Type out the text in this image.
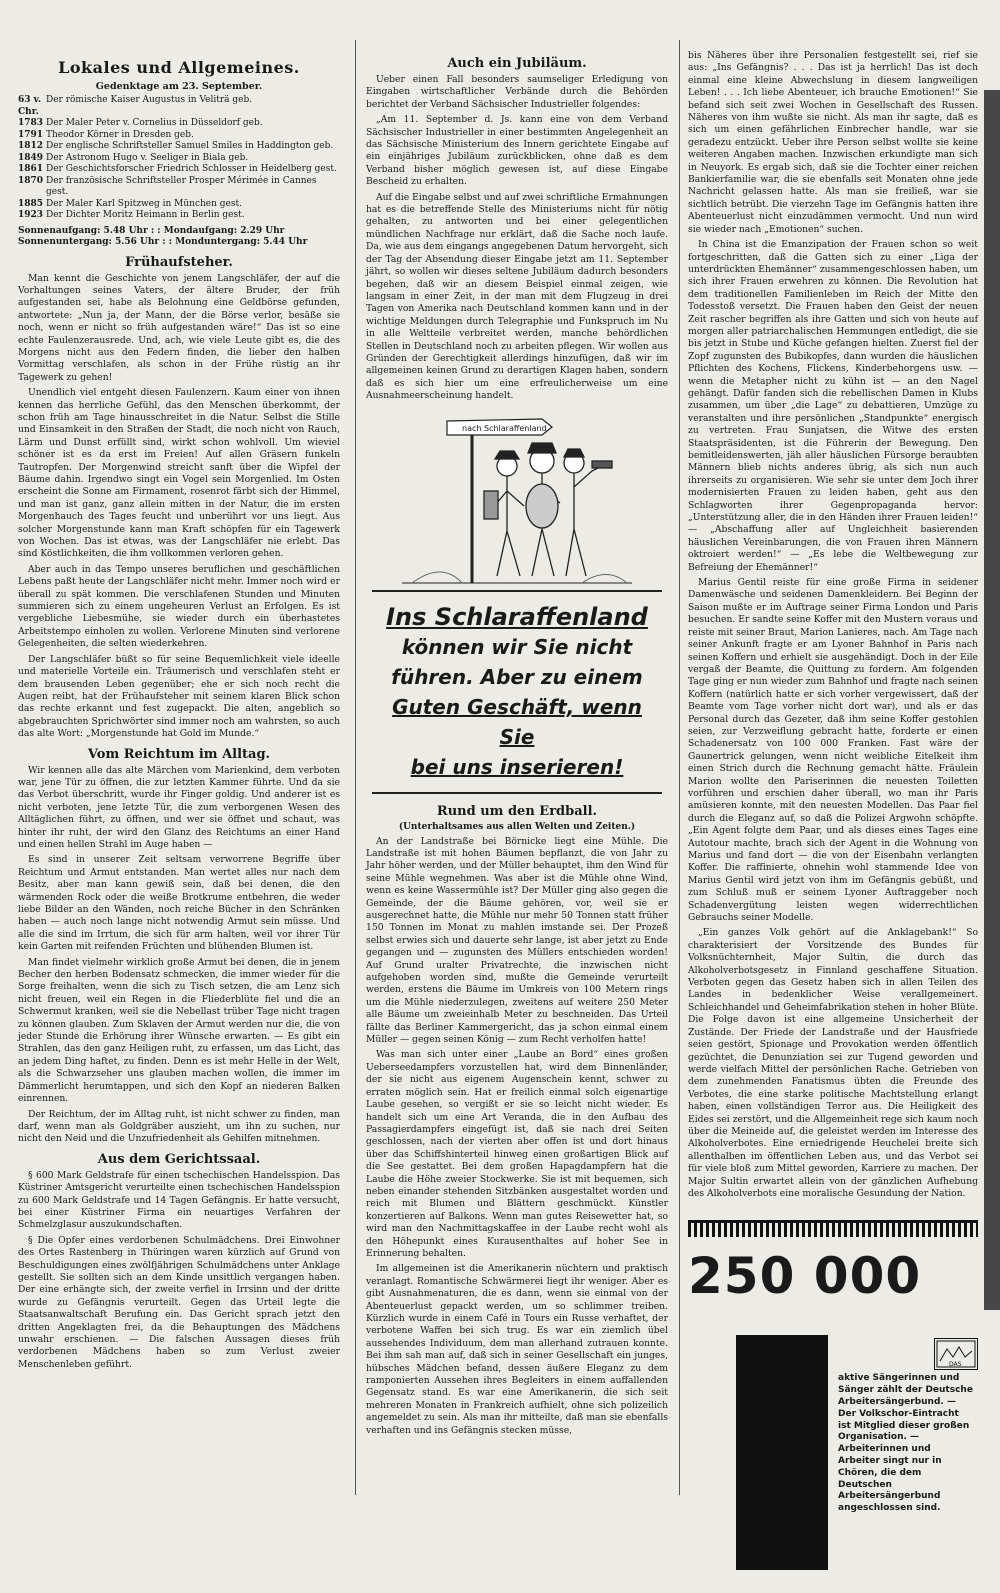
Lokales und Allgemeines.
Gedenktage am 23. September.
63 v. Chr.
Der römische Kaiser Augustus in Veliträ geb.
1783 Der Maler Peter v. Cornelius in Düsseldorf geb.
1791 Theodor Körner in Dresden geb.
1812 Der englische Schriftsteller Samuel Smiles in Haddington geb.
1849 Der Astronom Hugo v. Seeliger in Biala geb.
1861 Der Geschichtsforscher Friedrich Schlosser in Heidelberg gest.
1870 Der französische Schriftsteller Prosper Mérimée in Cannes gest.
1885 Der Maler Karl Spitzweg in München gest.
1923 Der Dichter Moritz Heimann in Berlin gest.
Sonnenaufgang: 5.48 Uhr : : Mondaufgang: 2.29 Uhr
Sonnenuntergang: 5.56 Uhr : : Monduntergang: 5.44 Uhr
Frühaufsteher.

Man kennt die Geschichte von jenem Langschläfer, der auf die Vorhaltungen seines Vaters, der ältere Bruder, der früh aufgestanden sei, habe als Belohnung eine Geldbörse gefunden, antwortete: „Nun ja, der Mann, der die Börse verlor, besäße sie noch, wenn er nicht so früh aufgestanden wäre!“ Das ist so eine echte Faulenzerausrede. Und, ach, wie viele Leute gibt es, die des Morgens nicht aus den Federn finden, die lieber den halben Vormittag verschlafen, als schon in der Frühe rüstig an ihr Tagewerk zu gehen!

Unendlich viel entgeht diesen Faulenzern. Kaum einer von ihnen kennen das herrliche Gefühl, das den Menschen überkommt, der schon früh am Tage hinausschreitet in die Natur. Selbst die Stille und Einsamkeit in den Straßen der Stadt, die noch nicht von Rauch, Lärm und Dunst erfüllt sind, wirkt schon wohlvoll. Um wieviel schöner ist es da erst im Freien! Auf allen Gräsern funkeln Tautropfen. Der Morgenwind streicht sanft über die Wipfel der Bäume dahin. Irgendwo singt ein Vogel sein Morgenlied. Im Osten erscheint die Sonne am Firmament, rosenrot färbt sich der Himmel, und man ist ganz, ganz allein mitten in der Natur, die im ersten Morgenhauch des Tages feucht und unberührt vor uns liegt. Aus solcher Morgenstunde kann man Kraft schöpfen für ein Tagewerk von Wochen. Das ist etwas, was der Langschläfer nie erlebt. Das sind Köstlichkeiten, die ihm vollkommen verloren gehen.

Aber auch in das Tempo unseres beruflichen und geschäftlichen Lebens paßt heute der Langschläfer nicht mehr. Immer noch wird er überall zu spät kommen. Die verschlafenen Stunden und Minuten summieren sich zu einem ungeheuren Verlust an Erfolgen. Es ist vergebliche Liebesmühe, sie wieder durch ein überhastetes Arbeitstempo einholen zu wollen. Verlorene Minuten sind verlorene Gelegenheiten, die selten wiederkehren.

Der Langschläfer büßt so für seine Bequemlichkeit viele ideelle und materielle Vorteile ein. Träumerisch und verschlafen steht er dem brausenden Leben gegenüber; ehe er sich noch recht die Augen reibt, hat der Frühaufsteher mit seinem klaren Blick schon das rechte erkannt und fest zugepackt. Die alten, angeblich so abgebrauchten Sprichwörter sind immer noch am wahrsten, so auch das alte Wort: „Morgenstunde hat Gold im Munde.“

Vom Reichtum im Alltag.

Wir kennen alle das alte Märchen vom Marienkind, dem verboten war, jene Tür zu öffnen, die zur letzten Kammer führte. Und da sie das Verbot überschritt, wurde ihr Finger goldig. Und anderer ist es nicht verboten, jene letzte Tür, die zum verborgenen Wesen des Alltäglichen führt, zu öffnen, und wer sie öffnet und schaut, was hinter ihr ruht, der wird den Glanz des Reichtums an einer Hand und einen hellen Strahl im Auge haben —

Es sind in unserer Zeit seltsam verworrene Begriffe über Reichtum und Armut entstanden. Man wertet alles nur nach dem Besitz, aber man kann gewiß sein, daß bei denen, die den wärmenden Rock oder die weiße Brotkrume entbehren, die weder liebe Bilder an den Wänden, noch reiche Bücher in den Schränken haben — auch noch lange nicht notwendig Armut sein müsse. Und alle die sind im Irrtum, die sich für arm halten, weil vor ihrer Tür kein Garten mit reifenden Früchten und blühenden Blumen ist.

Man findet vielmehr wirklich große Armut bei denen, die in jenem Becher den herben Bodensatz schmecken, die immer wieder für die Sorge freihalten, wenn die sich zu Tisch setzen, die am Lenz sich nicht freuen, weil ein Regen in die Fliederblüte fiel und die an Schwermut kranken, weil sie die Nebellast trüber Tage nicht tragen zu können glauben. Zum Sklaven der Armut werden nur die, die von jeder Stunde die Erhörung ihrer Wünsche erwarten. — Es gibt ein Strahlen, das den ganz Heiligen ruht, zu erfassen, um das Licht, das an jedem Ding haftet, zu finden. Denn es ist mehr Helle in der Welt, als die Schwarzseher uns glauben machen wollen, die immer im Dämmerlicht herumtappen, und sich den Kopf an niederen Balken einrennen.

Der Reichtum, der im Alltag ruht, ist nicht schwer zu finden, man darf, wenn man als Goldgräber auszieht, um ihn zu suchen, nur nicht den Neid und die Unzufriedenheit als Gehilfen mitnehmen.

Aus dem Gerichtssaal.

§ 600 Mark Geldstrafe für einen tschechischen Handelsspion. Das Küstriner Amtsgericht verurteilte einen tschechischen Handelsspion zu 600 Mark Geldstrafe und 14 Tagen Gefängnis. Er hatte versucht, bei einer Küstriner Firma ein neuartiges Verfahren der Schmelzglasur auszukundschaften.

§ Die Opfer eines verdorbenen Schulmädchens. Drei Einwohner des Ortes Rastenberg in Thüringen waren kürzlich auf Grund von Beschuldigungen eines zwölfjährigen Schulmädchens unter Anklage gestellt. Sie sollten sich an dem Kinde unsittlich vergangen haben. Der eine erhängte sich, der zweite verfiel in Irrsinn und der dritte wurde zu Gefängnis verurteilt. Gegen das Urteil legte die Staatsanwaltschaft Berufung ein. Das Gericht sprach jetzt den dritten Angeklagten frei, da die Behauptungen des Mädchens unwahr erschienen. — Die falschen Aussagen dieses früh verdorbenen Mädchens haben so zum Verlust zweier Menschenleben geführt.

Auch ein Jubiläum.

Ueber einen Fall besonders saumseliger Erledigung von Eingaben wirtschaftlicher Verbände durch die Behörden berichtet der Verband Sächsischer Industrieller folgendes:

„Am 11. September d. Js. kann eine von dem Verband Sächsischer Industrieller in einer bestimmten Angelegenheit an das Sächsische Ministerium des Innern gerichtete Eingabe auf ein einjähriges Jubiläum zurückblicken, ohne daß es dem Verband bisher möglich gewesen ist, auf diese Eingabe Bescheid zu erhalten.

Auf die Eingabe selbst und auf zwei schriftliche Ermahnungen hat es die betreffende Stelle des Ministeriums nicht für nötig gehalten, zu antworten und bei einer gelegentlichen mündlichen Nachfrage nur erklärt, daß die Sache noch laufe. Da, wie aus dem eingangs angegebenen Datum hervorgeht, sich der Tag der Absendung dieser Eingabe jetzt am 11. September jährt, so wollen wir dieses seltene Jubiläum dadurch besonders begehen, daß wir an diesem Beispiel einmal zeigen, wie langsam in einer Zeit, in der man mit dem Flugzeug in drei Tagen von Amerika nach Deutschland kommen kann und in der wichtige Meldungen durch Telegraphie und Funkspruch im Nu in alle Weltteile verbreitet werden, manche behördlichen Stellen in Deutschland noch zu arbeiten pflegen. Wir wollen aus Gründen der Gerechtigkeit allerdings hinzufügen, daß wir im allgemeinen keinen Grund zu derartigen Klagen haben, sondern daß es sich hier um eine erfreulicherweise um eine Ausnahmeerscheinung handelt.

nach Schlaraffenland
Ins Schlaraffenland
können wir Sie nicht
führen. Aber zu einem
Guten Geschäft, wenn Sie
bei uns inserieren!
Rund um den Erdball.
(Unterhaltsames aus allen Welten und Zeiten.)

An der Landstraße bei Börnicke liegt eine Mühle. Die Landstraße ist mit hohen Bäumen bepflanzt, die von Jahr zu Jahr höher werden, und der Müller behauptet, ihm den Wind für seine Mühle wegnehmen. Was aber ist die Mühle ohne Wind, wenn es keine Wassermühle ist? Der Müller ging also gegen die Gemeinde, der die Bäume gehören, vor, weil sie er ausgerechnet hatte, die Mühle nur mehr 50 Tonnen statt früher 150 Tonnen im Monat zu mahlen imstande sei. Der Prozeß selbst erwies sich und dauerte sehr lange, ist aber jetzt zu Ende gegangen und — zugunsten des Müllers entschieden worden! Auf Grund uralter Privatrechte, die inzwischen nicht aufgehoben worden sind, mußte die Gemeinde verurteilt werden, erstens die Bäume im Umkreis von 100 Metern rings um die Mühle niederzulegen, zweitens auf weitere 250 Meter alle Bäume um zweieinhalb Meter zu beschneiden. Das Urteil fällte das Berliner Kammergericht, das ja schon einmal einem Müller — gegen seinen König — zum Recht verholfen hatte!

Was man sich unter einer „Laube an Bord“ eines großen Ueberseedampfers vorzustellen hat, wird dem Binnenländer, der sie nicht aus eigenem Augenschein kennt, schwer zu erraten möglich sein. Hat er freilich einmal solch eigenartige Laube gesehen, so vergißt er sie so leicht nicht wieder. Es handelt sich um eine Art Veranda, die in den Aufbau des Passagierdampfers eingefügt ist, daß sie nach drei Seiten geschlossen, nach der vierten aber offen ist und dort hinaus über das Schiffshinterteil hinweg einen großartigen Blick auf die See gestattet. Bei dem großen Hapagdampfern hat die Laube die Höhe zweier Stockwerke. Sie ist mit bequemen, sich neben einander stehenden Sitzbänken ausgestaltet worden und reich mit Blumen und Blättern geschmückt. Künstler konzertieren auf Balkons. Wenn man gutes Reisewetter hat, so wird man den Nachmittagskaffee in der Laube recht wohl als den Höhepunkt eines Kurausenthaltes auf hoher See in Erinnerung behalten.

Im allgemeinen ist die Amerikanerin nüchtern und praktisch veranlagt. Romantische Schwärmerei liegt ihr weniger. Aber es gibt Ausnahmenaturen, die es dann, wenn sie einmal von der Abenteuerlust gepackt werden, um so schlimmer treiben. Kürzlich wurde in einem Café in Tours ein Russe verhaftet, der verbotene Waffen bei sich trug. Es war ein ziemlich übel aussehendes Individuum, dem man allerhand zutrauen konnte. Bei ihm sah man auf, daß sich in seiner Gesellschaft ein junges, hübsches Mädchen befand, dessen äußere Eleganz zu dem ramponierten Aussehen ihres Begleiters in einem auffallenden Gegensatz stand. Es war eine Amerikanerin, die sich seit mehreren Monaten in Frankreich aufhielt, ohne sich polizeilich angemeldet zu sein. Als man ihr mitteilte, daß man sie ebenfalls verhaften und ins Gefängnis stecken müsse,

bis Näheres über ihre Personalien festgestellt sei, rief sie aus: „Ins Gefängnis? . . . Das ist ja herrlich! Das ist doch einmal eine kleine Abwechslung in diesem langweiligen Leben! . . . Ich liebe Abenteuer, ich brauche Emotionen!“ Sie befand sich seit zwei Wochen in Gesellschaft des Russen. Näheres von ihm wußte sie nicht. Als man ihr sagte, daß es sich um einen gefährlichen Einbrecher handle, war sie geradezu entzückt. Ueber ihre Person selbst wollte sie keine weiteren Angaben machen. Inzwischen erkundigte man sich in Neuyork. Es ergab sich, daß sie die Tochter einer reichen Bankierfamilie war, die sie ebenfalls seit Monaten ohne jede Nachricht gelassen hatte. Als man sie freiließ, war sie sichtlich betrübt. Die vierzehn Tage im Gefängnis hatten ihre Abenteuerlust nicht einzudämmen vermocht. Und nun wird sie wieder nach „Emotionen“ suchen.

In China ist die Emanzipation der Frauen schon so weit fortgeschritten, daß die Gatten sich zu einer „Liga der unterdrückten Ehemänner“ zusammengeschlossen haben, um sich ihrer Frauen erwehren zu können. Die Revolution hat dem traditionellen Familienleben im Reich der Mitte den Todesstoß versetzt. Die Frauen haben den Geist der neuen Zeit rascher begriffen als ihre Gatten und sich von heute auf morgen aller patriarchalischen Hemmungen entledigt, die sie bis jetzt in Stube und Küche gefangen hielten. Zuerst fiel der Zopf zugunsten des Bubikopfes, dann wurden die häuslichen Pflichten des Kochens, Flickens, Kinderbehorgens usw. — wenn die Metapher nicht zu kühn ist — an den Nagel gehängt. Dafür fanden sich die rebellischen Damen in Klubs zusammen, um über „die Lage“ zu debattieren, Umzüge zu veranstalten und ihre persönlichen „Standpunkte“ energisch zu vertreten. Frau Sunjatsen, die Witwe des ersten Staatspräsidenten, ist die Führerin der Bewegung. Den bemitleidenswerten, jäh aller häuslichen Fürsorge beraubten Männern blieb nichts anderes übrig, als sich nun auch ihrerseits zu organisieren. Wie sehr sie unter dem Joch ihrer modernisierten Frauen zu leiden haben, geht aus den Schlagworten ihrer Gegenpropaganda hervor: „Unterstützung aller, die in den Händen ihrer Frauen leiden!“ — „Abschaffung aller auf Ungleichheit basierenden häuslichen Vereinbarungen, die von Frauen ihren Männern oktroiert werden!“ — „Es lebe die Weltbewegung zur Befreiung der Ehemänner!“

Marius Gentil reiste für eine große Firma in seidener Damenwäsche und seidenen Damenkleidern. Bei Beginn der Saison mußte er im Auftrage seiner Firma London und Paris besuchen. Er sandte seine Koffer mit den Mustern voraus und reiste mit seiner Braut, Marion Lanieres, nach. Am Tage nach seiner Ankunft fragte er am Lyoner Bahnhof in Paris nach seinen Koffern und erhielt sie ausgehändigt. Doch in der Eile vergaß der Beamte, die Quittung zu fordern. Am folgenden Tage ging er nun wieder zum Bahnhof und fragte nach seinen Koffern (natürlich hatte er sich vorher vergewissert, daß der Beamte vom Tage vorher nicht dort war), und als er das Personal durch das Gezeter, daß ihm seine Koffer gestohlen seien, zur Verzweiflung gebracht hatte, forderte er einen Schadenersatz von 100 000 Franken. Fast wäre der Gaunertrick gelungen, wenn nicht weibliche Eitelkeit ihm einen Strich durch die Rechnung gemacht hätte. Fräulein Marion wollte den Pariserinnen die neuesten Toiletten vorführen und erschien daher überall, wo man ihr Paris amüsieren konnte, mit den neuesten Modellen. Das Paar fiel durch die Eleganz auf, so daß die Polizei Argwohn schöpfte. „Ein Agent folgte dem Paar, und als dieses eines Tages eine Autotour machte, brach sich der Agent in die Wohnung von Marius und fand dort — die von der Eisenbahn verlangten Koffer. Die raffinierte, ohnehin wohl stammende Idee von Marius Gentil wird jetzt von ihm im Gefängnis gebüßt, und zum Schluß muß er seinem Lyoner Auftraggeber noch Schadenvergütung leisten wegen widerrechtlichen Gebrauchs seiner Modelle.

„Ein ganzes Volk gehört auf die Anklagebank!“ So charakterisiert der Vorsitzende des Bundes für Volksnüchternheit, Major Sultin, die durch das Alkoholverbotsgesetz in Finnland geschaffene Situation. Verboten gegen das Gesetz haben sich in allen Teilen des Landes in bedenklicher Weise verallgemeinert. Schleichhandel und Geheimfabrikation stehen in hoher Blüte. Die Folge davon ist eine allgemeine Unsicherheit der Zustände. Der Friede der Landstraße und der Hausfriede seien gestört, Spionage und Provokation werden öffentlich gezüchtet, die Denunziation sei zur Tugend geworden und werde vielfach Mittel der persönlichen Rache. Getrieben von dem zunehmenden Fanatismus übten die Freunde des Verbotes, die eine starke politische Machtstellung erlangt haben, einen vollständigen Terror aus. Die Heiligkeit des Eides sei zerstört, und die Allgemeinheit rege sich kaum noch über die Meineide auf, die geleistet werden im Interesse des Alkoholverbotes. Eine erniedrigende Heuchelei breite sich allenthalben im öffentlichen Leben aus, und das Verbot sei für viele bloß zum Mittel geworden, Karriere zu machen. Der Major Sultin erwartet allein von der gänzlichen Aufhebung des Alkoholverbots eine moralische Gesundung der Nation.

250 000
DAS
aktive Sängerinnen und Sänger zählt der Deutsche Arbeitersängerbund. — Der Volkschor-Eintracht ist Mitglied dieser großen Organisation. — Arbeiterinnen und Arbeiter singt nur in Chören, die dem Deutschen Arbeitersängerbund angeschlossen sind.
